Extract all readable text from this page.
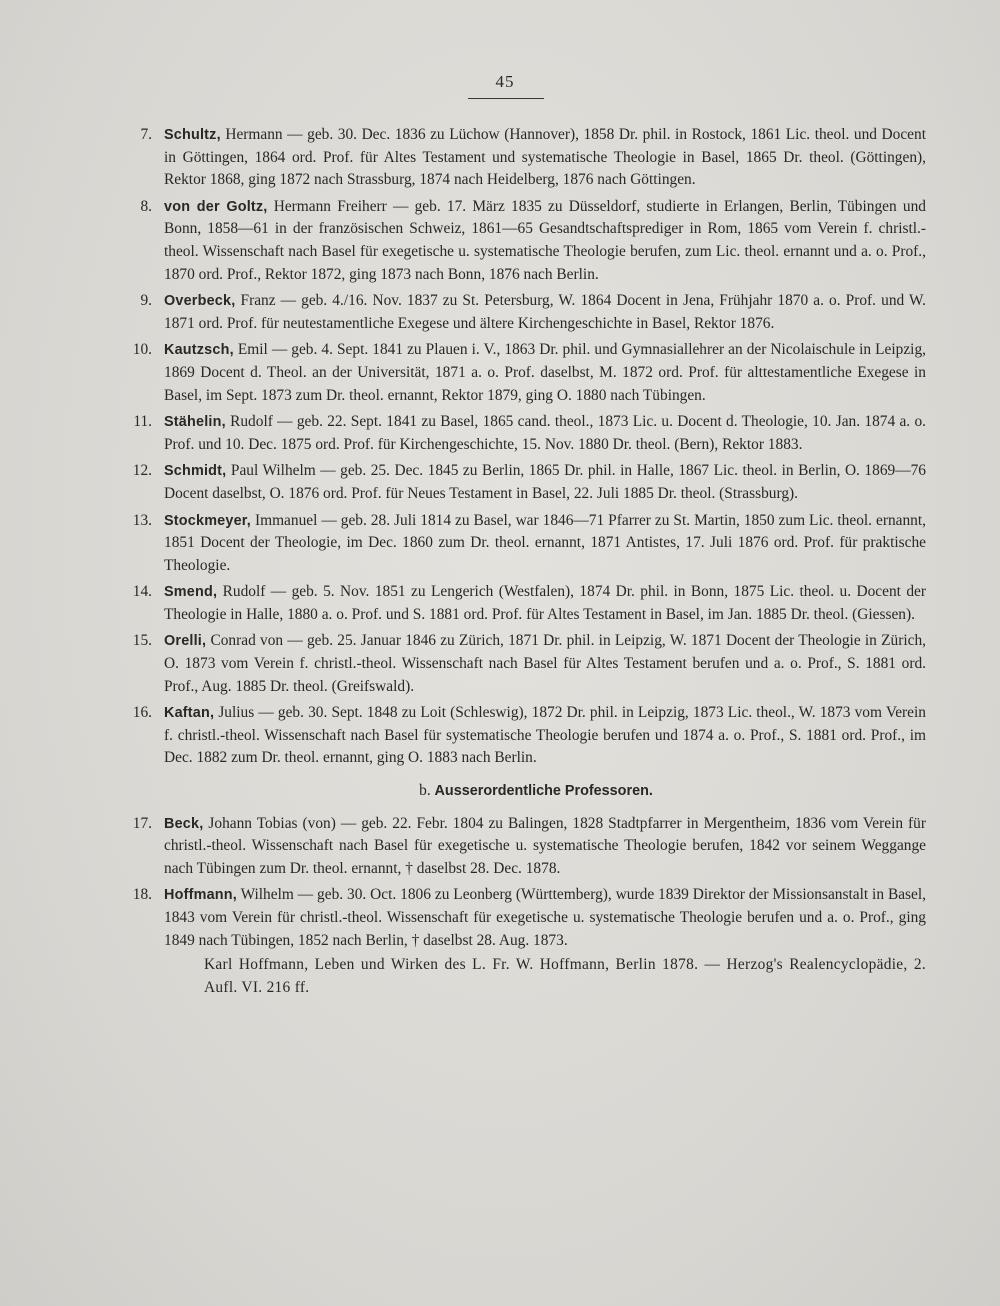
45
7. Schultz, Hermann — geb. 30. Dec. 1836 zu Lüchow (Hannover), 1858 Dr. phil. in Rostock, 1861 Lic. theol. und Docent in Göttingen, 1864 ord. Prof. für Altes Testament und systematische Theologie in Basel, 1865 Dr. theol. (Göttingen), Rektor 1868, ging 1872 nach Strassburg, 1874 nach Heidelberg, 1876 nach Göttingen.
8. von der Goltz, Hermann Freiherr — geb. 17. März 1835 zu Düsseldorf, studierte in Erlangen, Berlin, Tübingen und Bonn, 1858—61 in der französischen Schweiz, 1861—65 Gesandtschaftsprediger in Rom, 1865 vom Verein f. christl.-theol. Wissenschaft nach Basel für exegetische u. systematische Theologie berufen, zum Lic. theol. ernannt und a. o. Prof., 1870 ord. Prof., Rektor 1872, ging 1873 nach Bonn, 1876 nach Berlin.
9. Overbeck, Franz — geb. 4./16. Nov. 1837 zu St. Petersburg, W. 1864 Docent in Jena, Frühjahr 1870 a. o. Prof. und W. 1871 ord. Prof. für neutestamentliche Exegese und ältere Kirchengeschichte in Basel, Rektor 1876.
10. Kautzsch, Emil — geb. 4. Sept. 1841 zu Plauen i. V., 1863 Dr. phil. und Gymnasiallehrer an der Nicolaischule in Leipzig, 1869 Docent d. Theol. an der Universität, 1871 a. o. Prof. daselbst, M. 1872 ord. Prof. für alttestamentliche Exegese in Basel, im Sept. 1873 zum Dr. theol. ernannt, Rektor 1879, ging O. 1880 nach Tübingen.
11. Stähelin, Rudolf — geb. 22. Sept. 1841 zu Basel, 1865 cand. theol., 1873 Lic. u. Docent d. Theologie, 10. Jan. 1874 a. o. Prof. und 10. Dec. 1875 ord. Prof. für Kirchengeschichte, 15. Nov. 1880 Dr. theol. (Bern), Rektor 1883.
12. Schmidt, Paul Wilhelm — geb. 25. Dec. 1845 zu Berlin, 1865 Dr. phil. in Halle, 1867 Lic. theol. in Berlin, O. 1869—76 Docent daselbst, O. 1876 ord. Prof. für Neues Testament in Basel, 22. Juli 1885 Dr. theol. (Strassburg).
13. Stockmeyer, Immanuel — geb. 28. Juli 1814 zu Basel, war 1846—71 Pfarrer zu St. Martin, 1850 zum Lic. theol. ernannt, 1851 Docent der Theologie, im Dec. 1860 zum Dr. theol. ernannt, 1871 Antistes, 17. Juli 1876 ord. Prof. für praktische Theologie.
14. Smend, Rudolf — geb. 5. Nov. 1851 zu Lengerich (Westfalen), 1874 Dr. phil. in Bonn, 1875 Lic. theol. u. Docent der Theologie in Halle, 1880 a. o. Prof. und S. 1881 ord. Prof. für Altes Testament in Basel, im Jan. 1885 Dr. theol. (Giessen).
15. Orelli, Conrad von — geb. 25. Januar 1846 zu Zürich, 1871 Dr. phil. in Leipzig, W. 1871 Docent der Theologie in Zürich, O. 1873 vom Verein f. christl.-theol. Wissenschaft nach Basel für Altes Testament berufen und a. o. Prof., S. 1881 ord. Prof., Aug. 1885 Dr. theol. (Greifswald).
16. Kaftan, Julius — geb. 30. Sept. 1848 zu Loit (Schleswig), 1872 Dr. phil. in Leipzig, 1873 Lic. theol., W. 1873 vom Verein f. christl.-theol. Wissenschaft nach Basel für systematische Theologie berufen und 1874 a. o. Prof., S. 1881 ord. Prof., im Dec. 1882 zum Dr. theol. ernannt, ging O. 1883 nach Berlin.
b. Ausserordentliche Professoren.
17. Beck, Johann Tobias (von) — geb. 22. Febr. 1804 zu Balingen, 1828 Stadtpfarrer in Mergentheim, 1836 vom Verein für christl.-theol. Wissenschaft nach Basel für exegetische u. systematische Theologie berufen, 1842 vor seinem Weggange nach Tübingen zum Dr. theol. ernannt, † daselbst 28. Dec. 1878.
18. Hoffmann, Wilhelm — geb. 30. Oct. 1806 zu Leonberg (Württemberg), wurde 1839 Direktor der Missionsanstalt in Basel, 1843 vom Verein für christl.-theol. Wissenschaft für exegetische u. systematische Theologie berufen und a. o. Prof., ging 1849 nach Tübingen, 1852 nach Berlin, † daselbst 28. Aug. 1873.

Karl Hoffmann, Leben und Wirken des L. Fr. W. Hoffmann, Berlin 1878. — Herzog's Realencyclopädie, 2. Aufl. VI. 216 ff.
